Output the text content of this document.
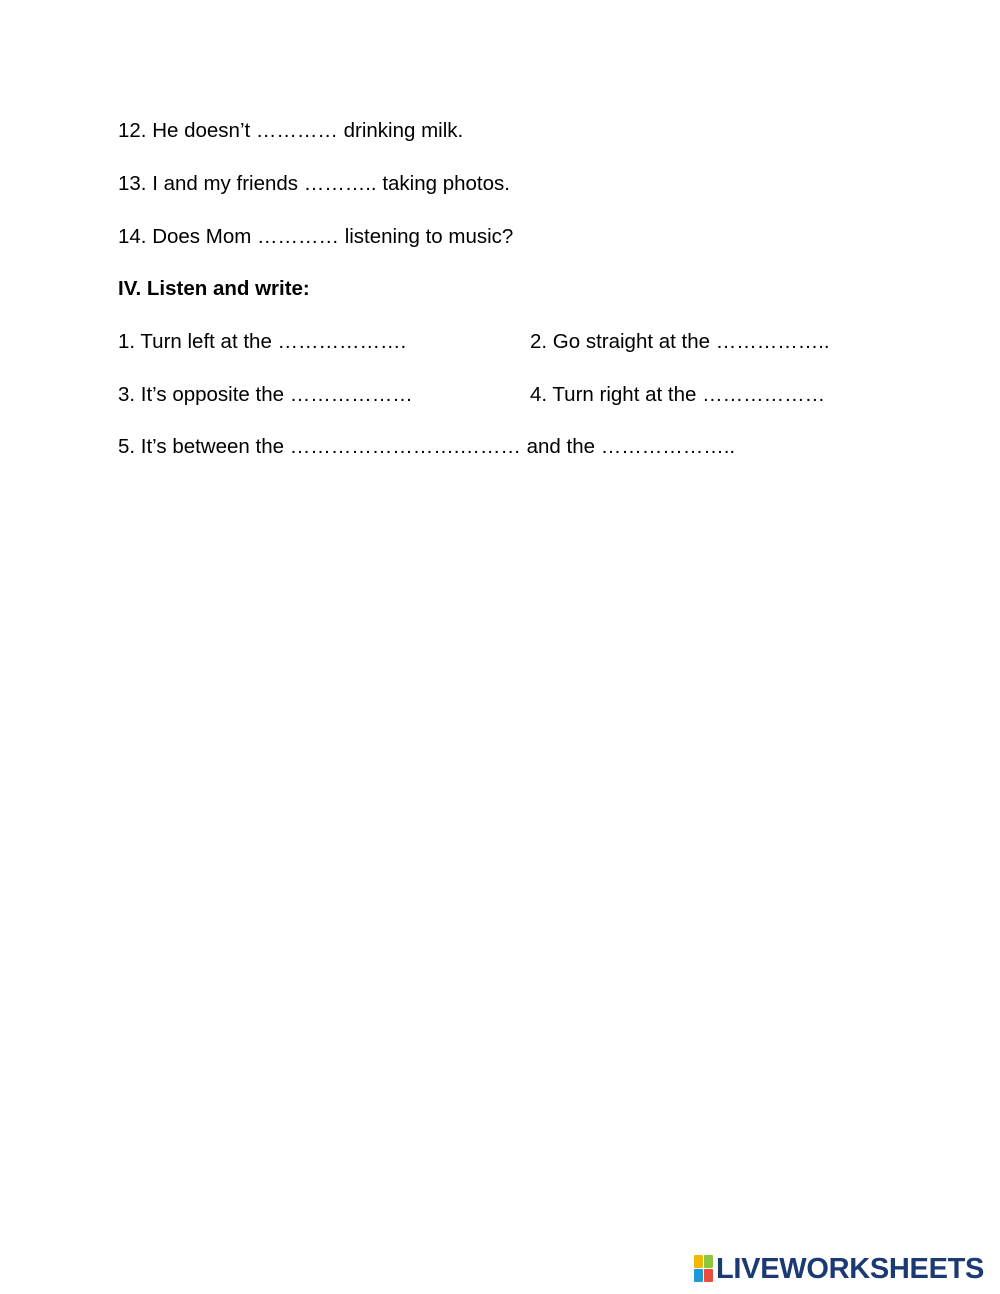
12. He doesn’t ………… drinking milk.
13. I and my friends ……….. taking photos.
14. Does Mom ………… listening to music?
IV. Listen and write:
1. Turn left at the ……………….	2. Go straight at the ……………..
3. It’s opposite the ………………	4. Turn right at the ………………
5. It’s between the …………………….……… and the ………………..
LIVEWORKSHEETS
